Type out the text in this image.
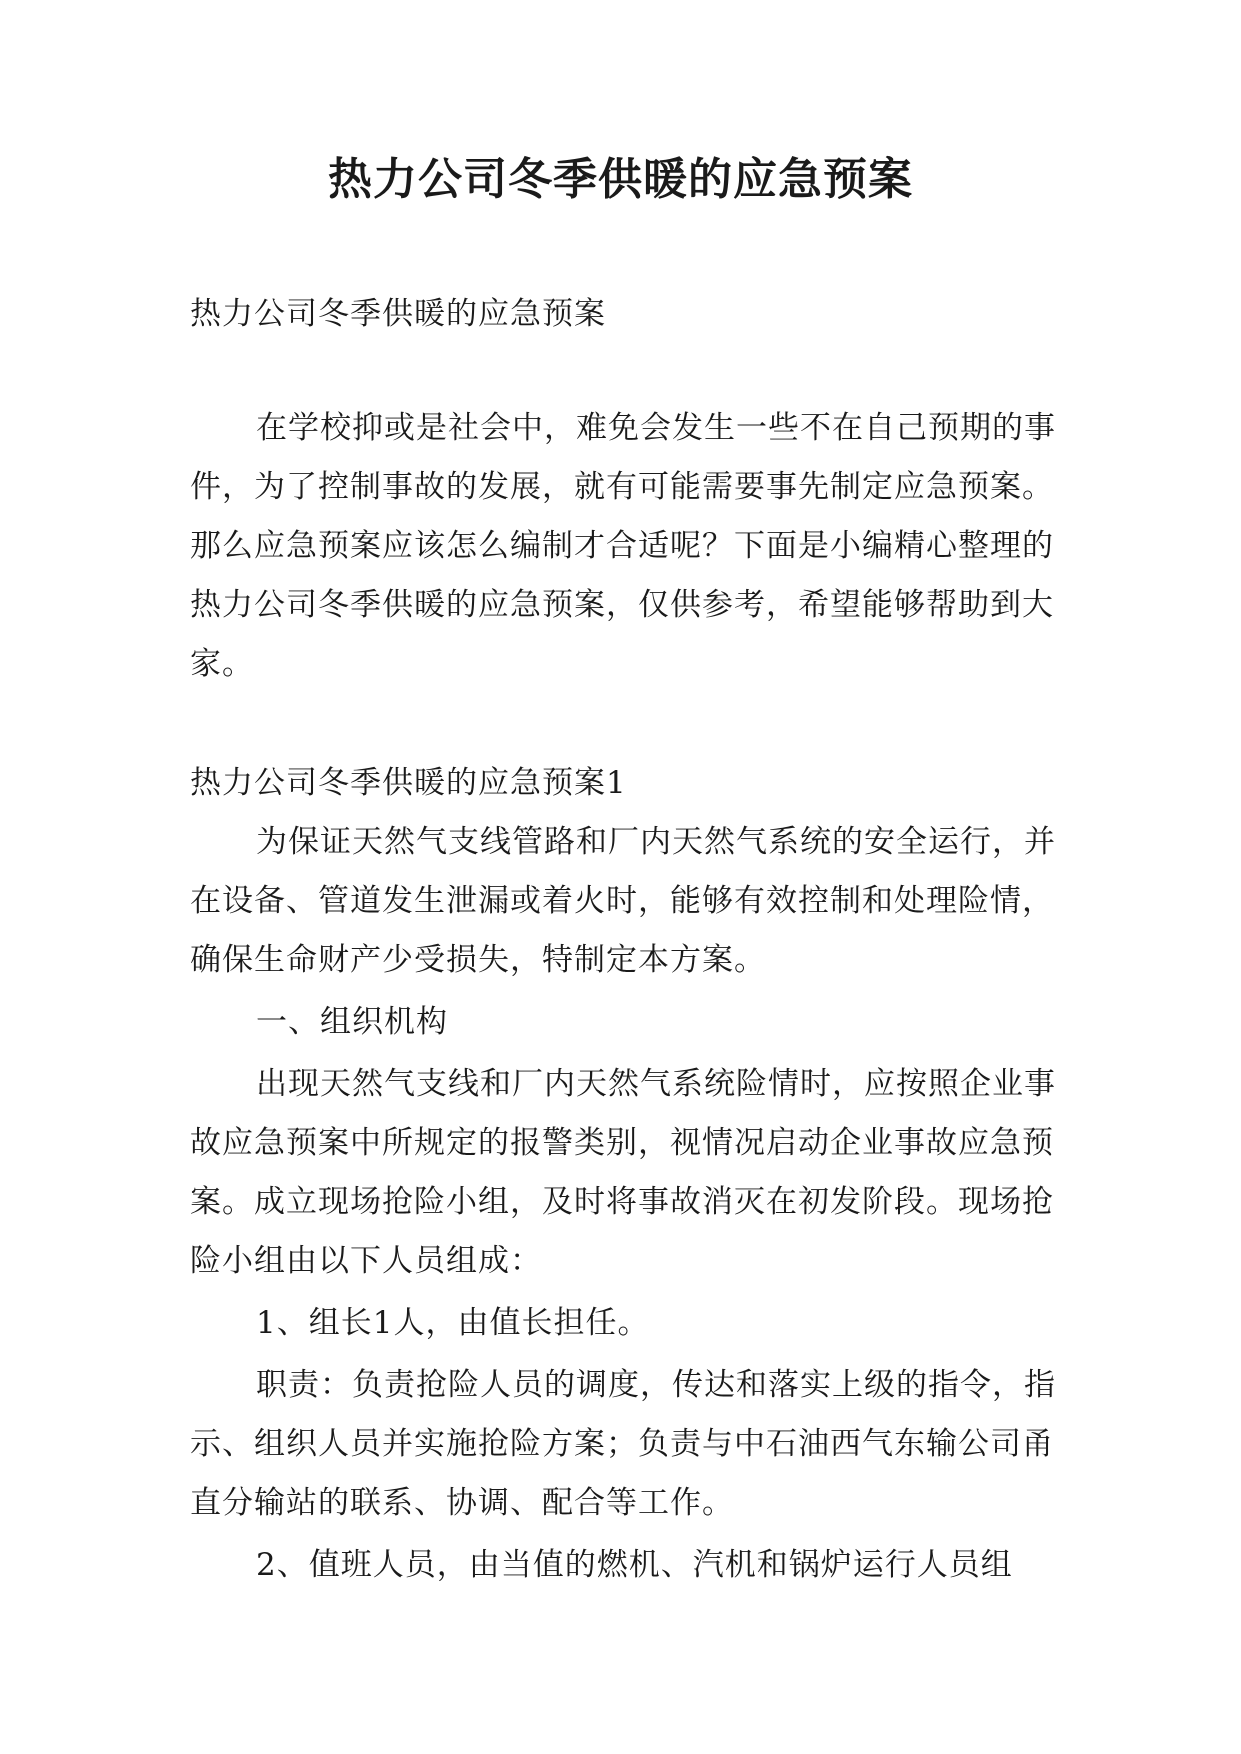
热力公司冬季供暖的应急预案

热力公司冬季供暖的应急预案

在学校抑或是社会中，难免会发生一些不在自己预期的事件，为了控制事故的发展，就有可能需要事先制定应急预案。那么应急预案应该怎么编制才合适呢？下面是小编精心整理的热力公司冬季供暖的应急预案，仅供参考，希望能够帮助到大家。

热力公司冬季供暖的应急预案1

为保证天然气支线管路和厂内天然气系统的安全运行，并在设备、管道发生泄漏或着火时，能够有效控制和处理险情，确保生命财产少受损失，特制定本方案。

一、组织机构

出现天然气支线和厂内天然气系统险情时，应按照企业事故应急预案中所规定的报警类别，视情况启动企业事故应急预案。成立现场抢险小组，及时将事故消灭在初发阶段。现场抢险小组由以下人员组成：

1、组长1人，由值长担任。

职责：负责抢险人员的调度，传达和落实上级的指令，指示、组织人员并实施抢险方案；负责与中石油西气东输公司甬直分输站的联系、协调、配合等工作。

2、值班人员，由当值的燃机、汽机和锅炉运行人员组
